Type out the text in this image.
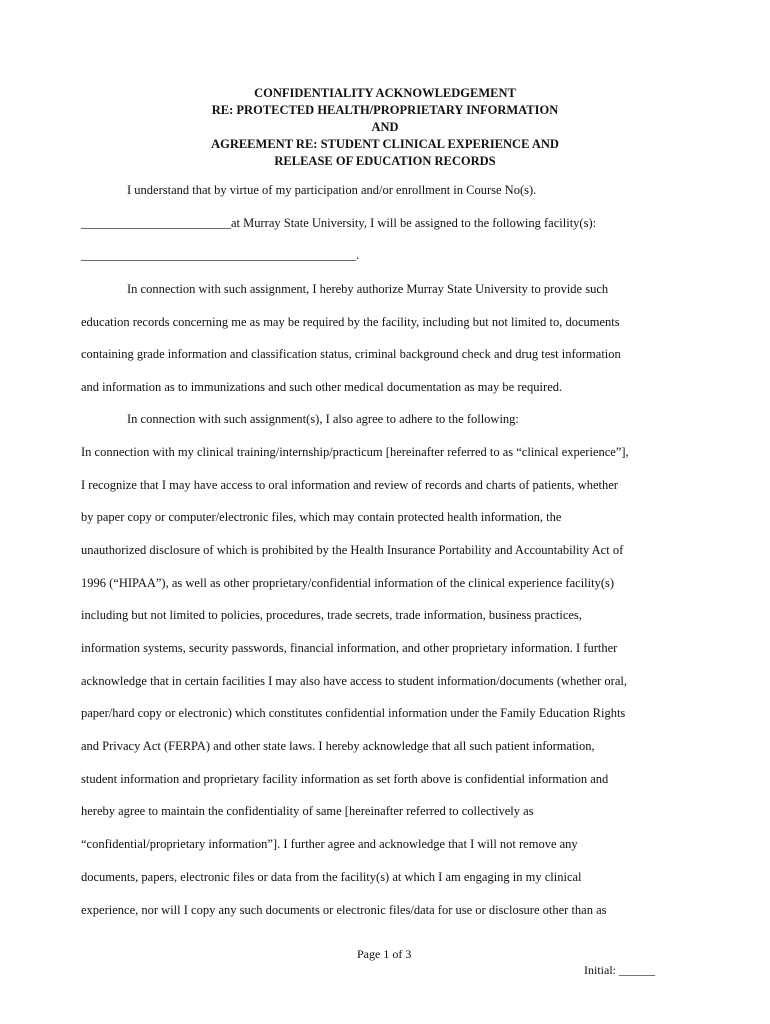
CONFIDENTIALITY ACKNOWLEDGEMENT
RE: PROTECTED HEALTH/PROPRIETARY INFORMATION
AND
AGREEMENT RE: STUDENT CLINICAL EXPERIENCE AND
RELEASE OF EDUCATION RECORDS
I understand that by virtue of my participation and/or enrollment in Course No(s).
________________________at Murray State University, I will be assigned to the following facility(s):
____________________________________________.
In connection with such assignment, I hereby authorize Murray State University to provide such
education records concerning me as may be required by the facility, including but not limited to, documents
containing grade information and classification status, criminal background check and drug test information
and information as to immunizations and such other medical documentation as may be required.
In connection with such assignment(s), I also agree to adhere to the following:
In connection with my clinical training/internship/practicum [hereinafter referred to as “clinical experience”],
I recognize that I may have access to oral information and review of records and charts of patients, whether
by paper copy or computer/electronic files, which may contain protected health information, the
unauthorized disclosure of which is prohibited by the Health Insurance Portability and Accountability Act of
1996 (“HIPAA”), as well as other proprietary/confidential information of the clinical experience facility(s)
including but not limited to policies, procedures, trade secrets, trade information, business practices,
information systems, security passwords, financial information, and other proprietary information. I further
acknowledge that in certain facilities I may also have access to student information/documents (whether oral,
paper/hard copy or electronic) which constitutes confidential information under the Family Education Rights
and Privacy Act (FERPA) and other state laws. I hereby acknowledge that all such patient information,
student information and proprietary facility information as set forth above is confidential information and
hereby agree to maintain the confidentiality of same [hereinafter referred to collectively as
“confidential/proprietary information”]. I further agree and acknowledge that I will not remove any
documents, papers, electronic files or data from the facility(s) at which I am engaging in my clinical
experience, nor will I copy any such documents or electronic files/data for use or disclosure other than as
Page 1 of 3
Initial: ______
